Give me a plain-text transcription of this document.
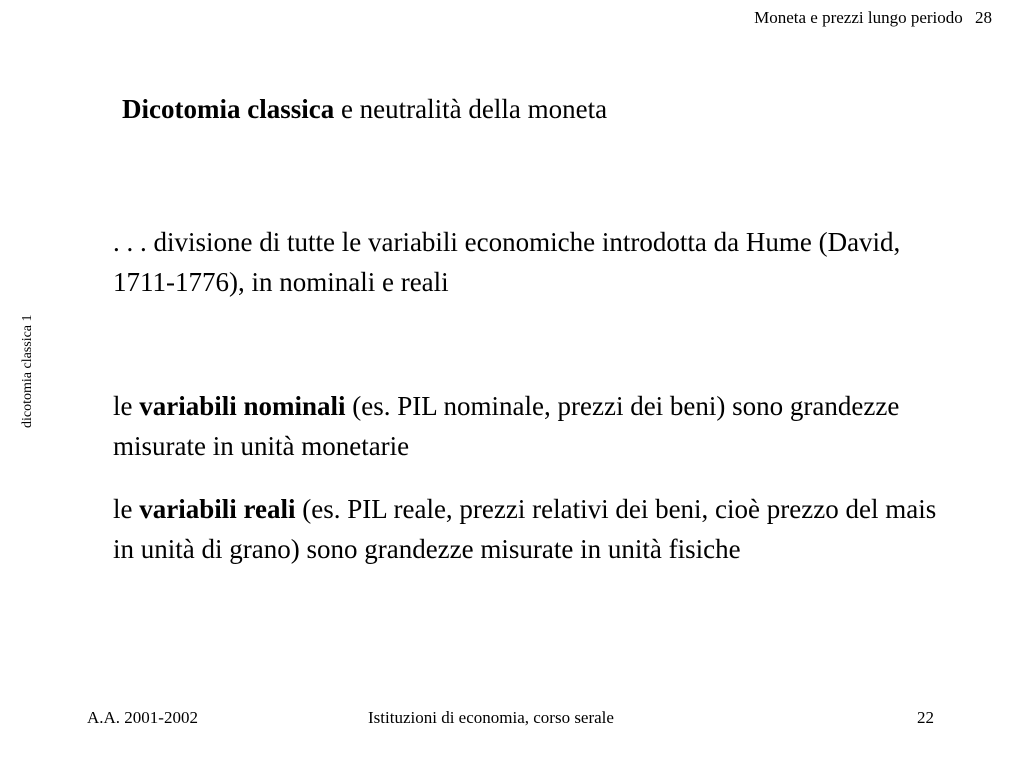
Moneta e prezzi lungo periodo 28
dicotomia classica 1
Dicotomia classica e neutralità della moneta
. . . divisione di tutte le variabili economiche introdotta da Hume (David, 1711-1776), in nominali e reali
le variabili nominali (es. PIL nominale, prezzi dei beni) sono grandezze misurate in unità monetarie
le variabili reali (es. PIL reale, prezzi relativi dei beni, cioè prezzo del mais in unità di grano) sono grandezze misurate in unità fisiche
A.A. 2001-2002	Istituzioni di economia, corso serale	22
